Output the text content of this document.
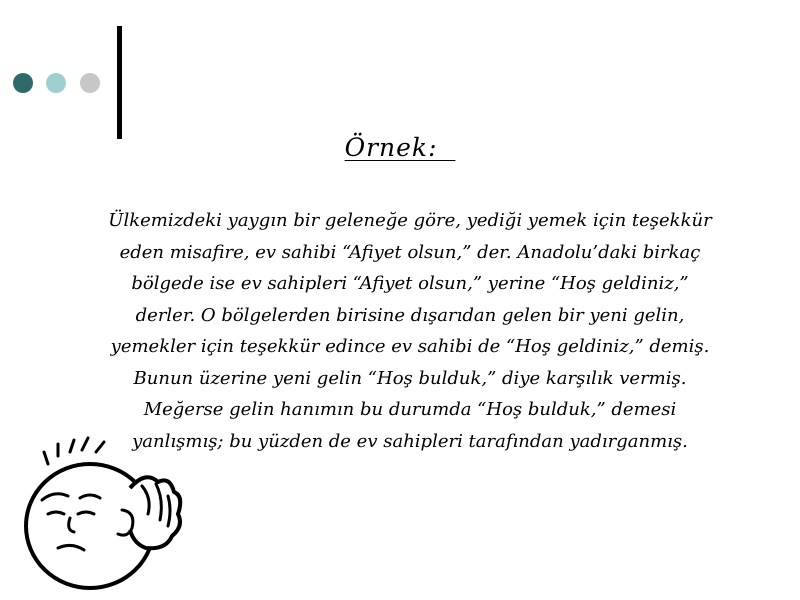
Örnek:

Ülkemizdeki yaygın bir geleneğe göre, yediği yemek için teşekkür
eden misafire, ev sahibi “Afiyet olsun,” der. Anadolu’daki birkaç
bölgede ise ev sahipleri “Afiyet olsun,” yerine “Hoş geldiniz,”
derler. O bölgelerden birisine dışarıdan gelen bir yeni gelin,
yemekler için teşekkür edince ev sahibi de “Hoş geldiniz,” demiş.
Bunun üzerine yeni gelin “Hoş bulduk,” diye karşılık vermiş.
Meğerse gelin hanımın bu durumda “Hoş bulduk,” demesi
yanlışmış; bu yüzden de ev sahipleri tarafından yadırganmış.
